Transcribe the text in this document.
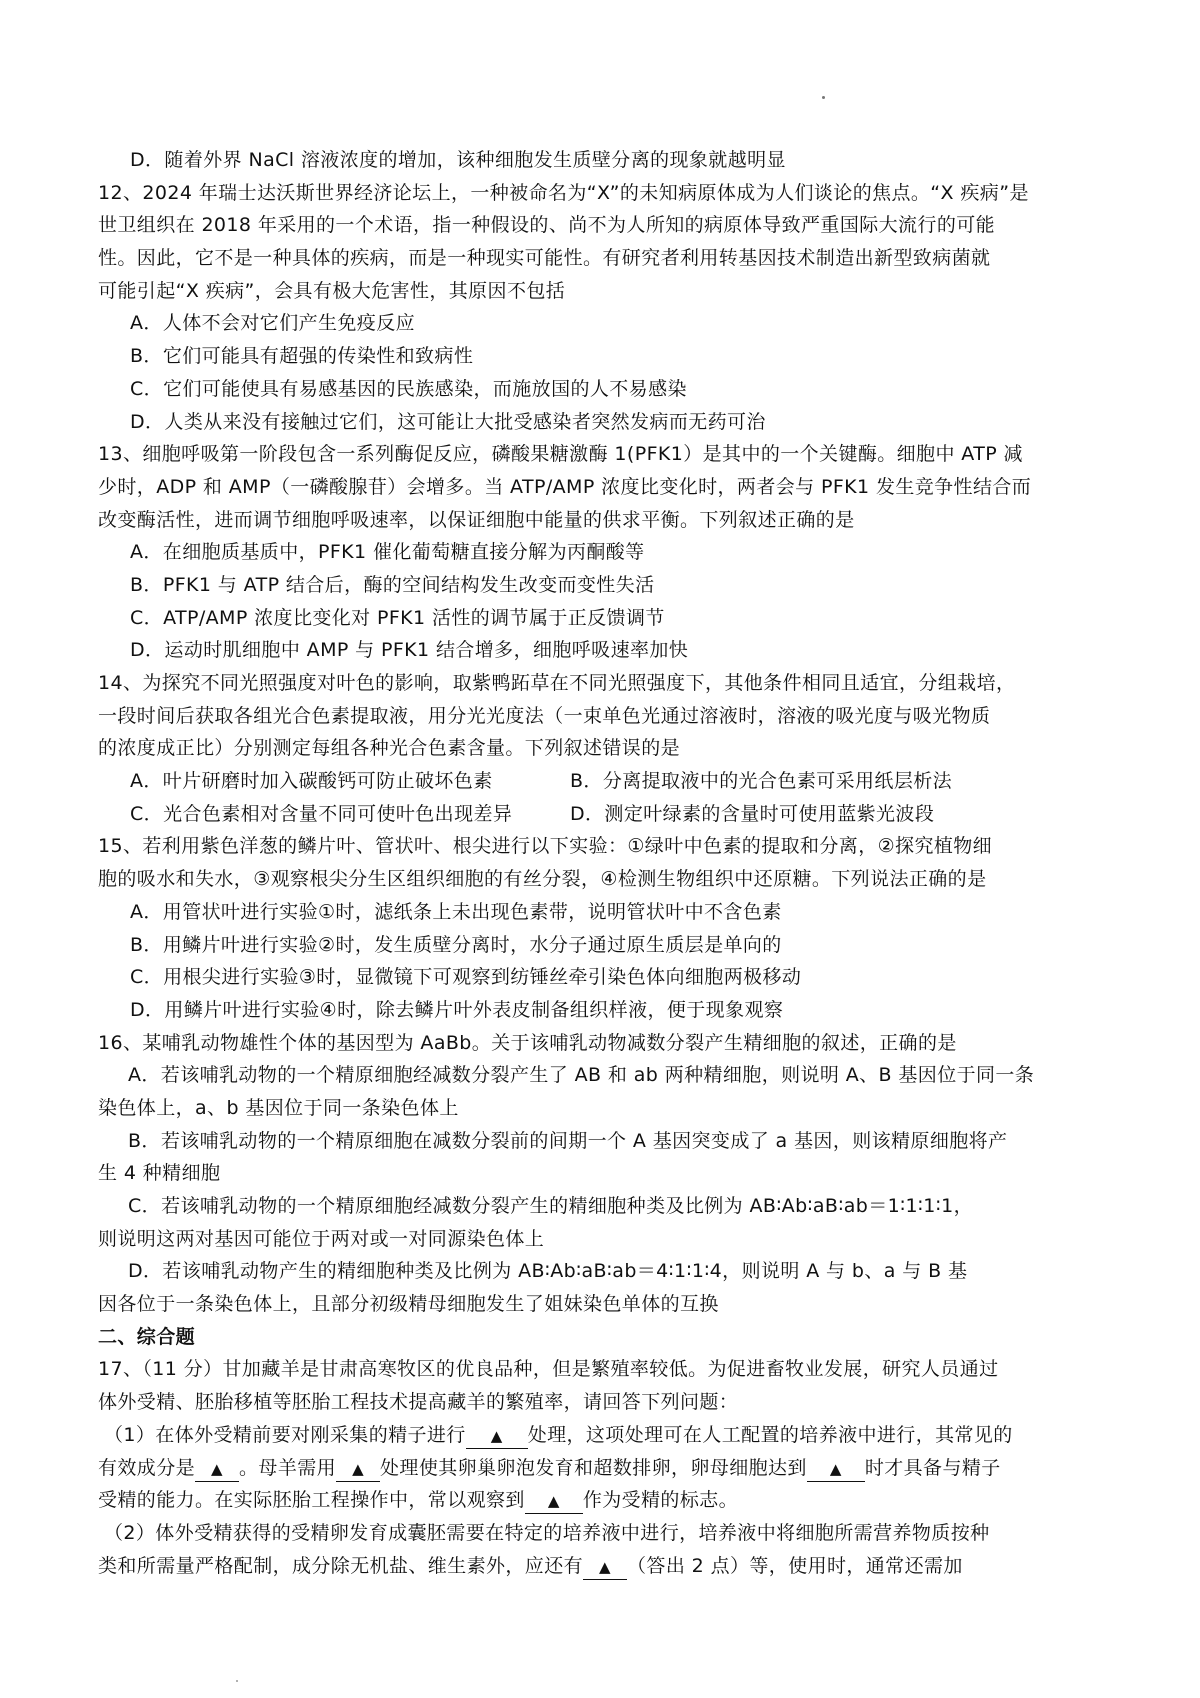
D．随着外界 NaCl 溶液浓度的增加，该种细胞发生质壁分离的现象就越明显
12、2024 年瑞士达沃斯世界经济论坛上，一种被命名为“X”的未知病原体成为人们谈论的焦点。“X 疾病”是
世卫组织在 2018 年采用的一个术语，指一种假设的、尚不为人所知的病原体导致严重国际大流行的可能
性。因此，它不是一种具体的疾病，而是一种现实可能性。有研究者利用转基因技术制造出新型致病菌就
可能引起“X 疾病”，会具有极大危害性，其原因不包括
A．人体不会对它们产生免疫反应
B．它们可能具有超强的传染性和致病性
C．它们可能使具有易感基因的民族感染，而施放国的人不易感染
D．人类从来没有接触过它们，这可能让大批受感染者突然发病而无药可治
13、细胞呼吸第一阶段包含一系列酶促反应，磷酸果糖激酶 1(PFK1）是其中的一个关键酶。细胞中 ATP 减
少时，ADP 和 AMP（一磷酸腺苷）会增多。当 ATP/AMP 浓度比变化时，两者会与 PFK1 发生竞争性结合而
改变酶活性，进而调节细胞呼吸速率，以保证细胞中能量的供求平衡。下列叙述正确的是
A．在细胞质基质中，PFK1 催化葡萄糖直接分解为丙酮酸等
B．PFK1 与 ATP 结合后，酶的空间结构发生改变而变性失活
C．ATP/AMP 浓度比变化对 PFK1 活性的调节属于正反馈调节
D．运动时肌细胞中 AMP 与 PFK1 结合增多，细胞呼吸速率加快
14、为探究不同光照强度对叶色的影响，取紫鸭跖草在不同光照强度下，其他条件相同且适宜，分组栽培，
一段时间后获取各组光合色素提取液，用分光光度法（一束单色光通过溶液时，溶液的吸光度与吸光物质
的浓度成正比）分别测定每组各种光合色素含量。下列叙述错误的是
A．叶片研磨时加入碳酸钙可防止破坏色素	B．分离提取液中的光合色素可采用纸层析法
C．光合色素相对含量不同可使叶色出现差异	D．测定叶绿素的含量时可使用蓝紫光波段
15、若利用紫色洋葱的鳞片叶、管状叶、根尖进行以下实验：①绿叶中色素的提取和分离，②探究植物细
胞的吸水和失水，③观察根尖分生区组织细胞的有丝分裂，④检测生物组织中还原糖。下列说法正确的是
A．用管状叶进行实验①时，滤纸条上未出现色素带，说明管状叶中不含色素
B．用鳞片叶进行实验②时，发生质壁分离时，水分子通过原生质层是单向的
C．用根尖进行实验③时，显微镜下可观察到纺锤丝牵引染色体向细胞两极移动
D．用鳞片叶进行实验④时，除去鳞片叶外表皮制备组织样液，便于现象观察
16、某哺乳动物雄性个体的基因型为 AaBb。关于该哺乳动物减数分裂产生精细胞的叙述，正确的是
A．若该哺乳动物的一个精原细胞经减数分裂产生了 AB 和 ab 两种精细胞，则说明 A、B 基因位于同一条
染色体上，a、b 基因位于同一条染色体上
B．若该哺乳动物的一个精原细胞在减数分裂前的间期一个 A 基因突变成了 a 基因，则该精原细胞将产
生 4 种精细胞
C．若该哺乳动物的一个精原细胞经减数分裂产生的精细胞种类及比例为 AB∶Ab∶aB∶ab＝1∶1∶1∶1，
则说明这两对基因可能位于两对或一对同源染色体上
D．若该哺乳动物产生的精细胞种类及比例为 AB∶Ab∶aB∶ab＝4∶1∶1∶4，则说明 A 与 b、a 与 B 基
因各位于一条染色体上，且部分初级精母细胞发生了姐妹染色单体的互换
二、综合题
17、（11 分）甘加藏羊是甘肃高寒牧区的优良品种，但是繁殖率较低。为促进畜牧业发展，研究人员通过
体外受精、胚胎移植等胚胎工程技术提高藏羊的繁殖率，请回答下列问题：
（1）在体外受精前要对刚采集的精子进行 ▲ 处理，这项处理可在人工配置的培养液中进行，其常见的
有效成分是 ▲ 。母羊需用 ▲ 处理使其卵巢卵泡发育和超数排卵，卵母细胞达到 ▲ 时才具备与精子
受精的能力。在实际胚胎工程操作中，常以观察到 ▲ 作为受精的标志。
（2）体外受精获得的受精卵发育成囊胚需要在特定的培养液中进行，培养液中将细胞所需营养物质按种
类和所需量严格配制，成分除无机盐、维生素外，应还有 ▲ （答出 2 点）等，使用时，通常还需加
